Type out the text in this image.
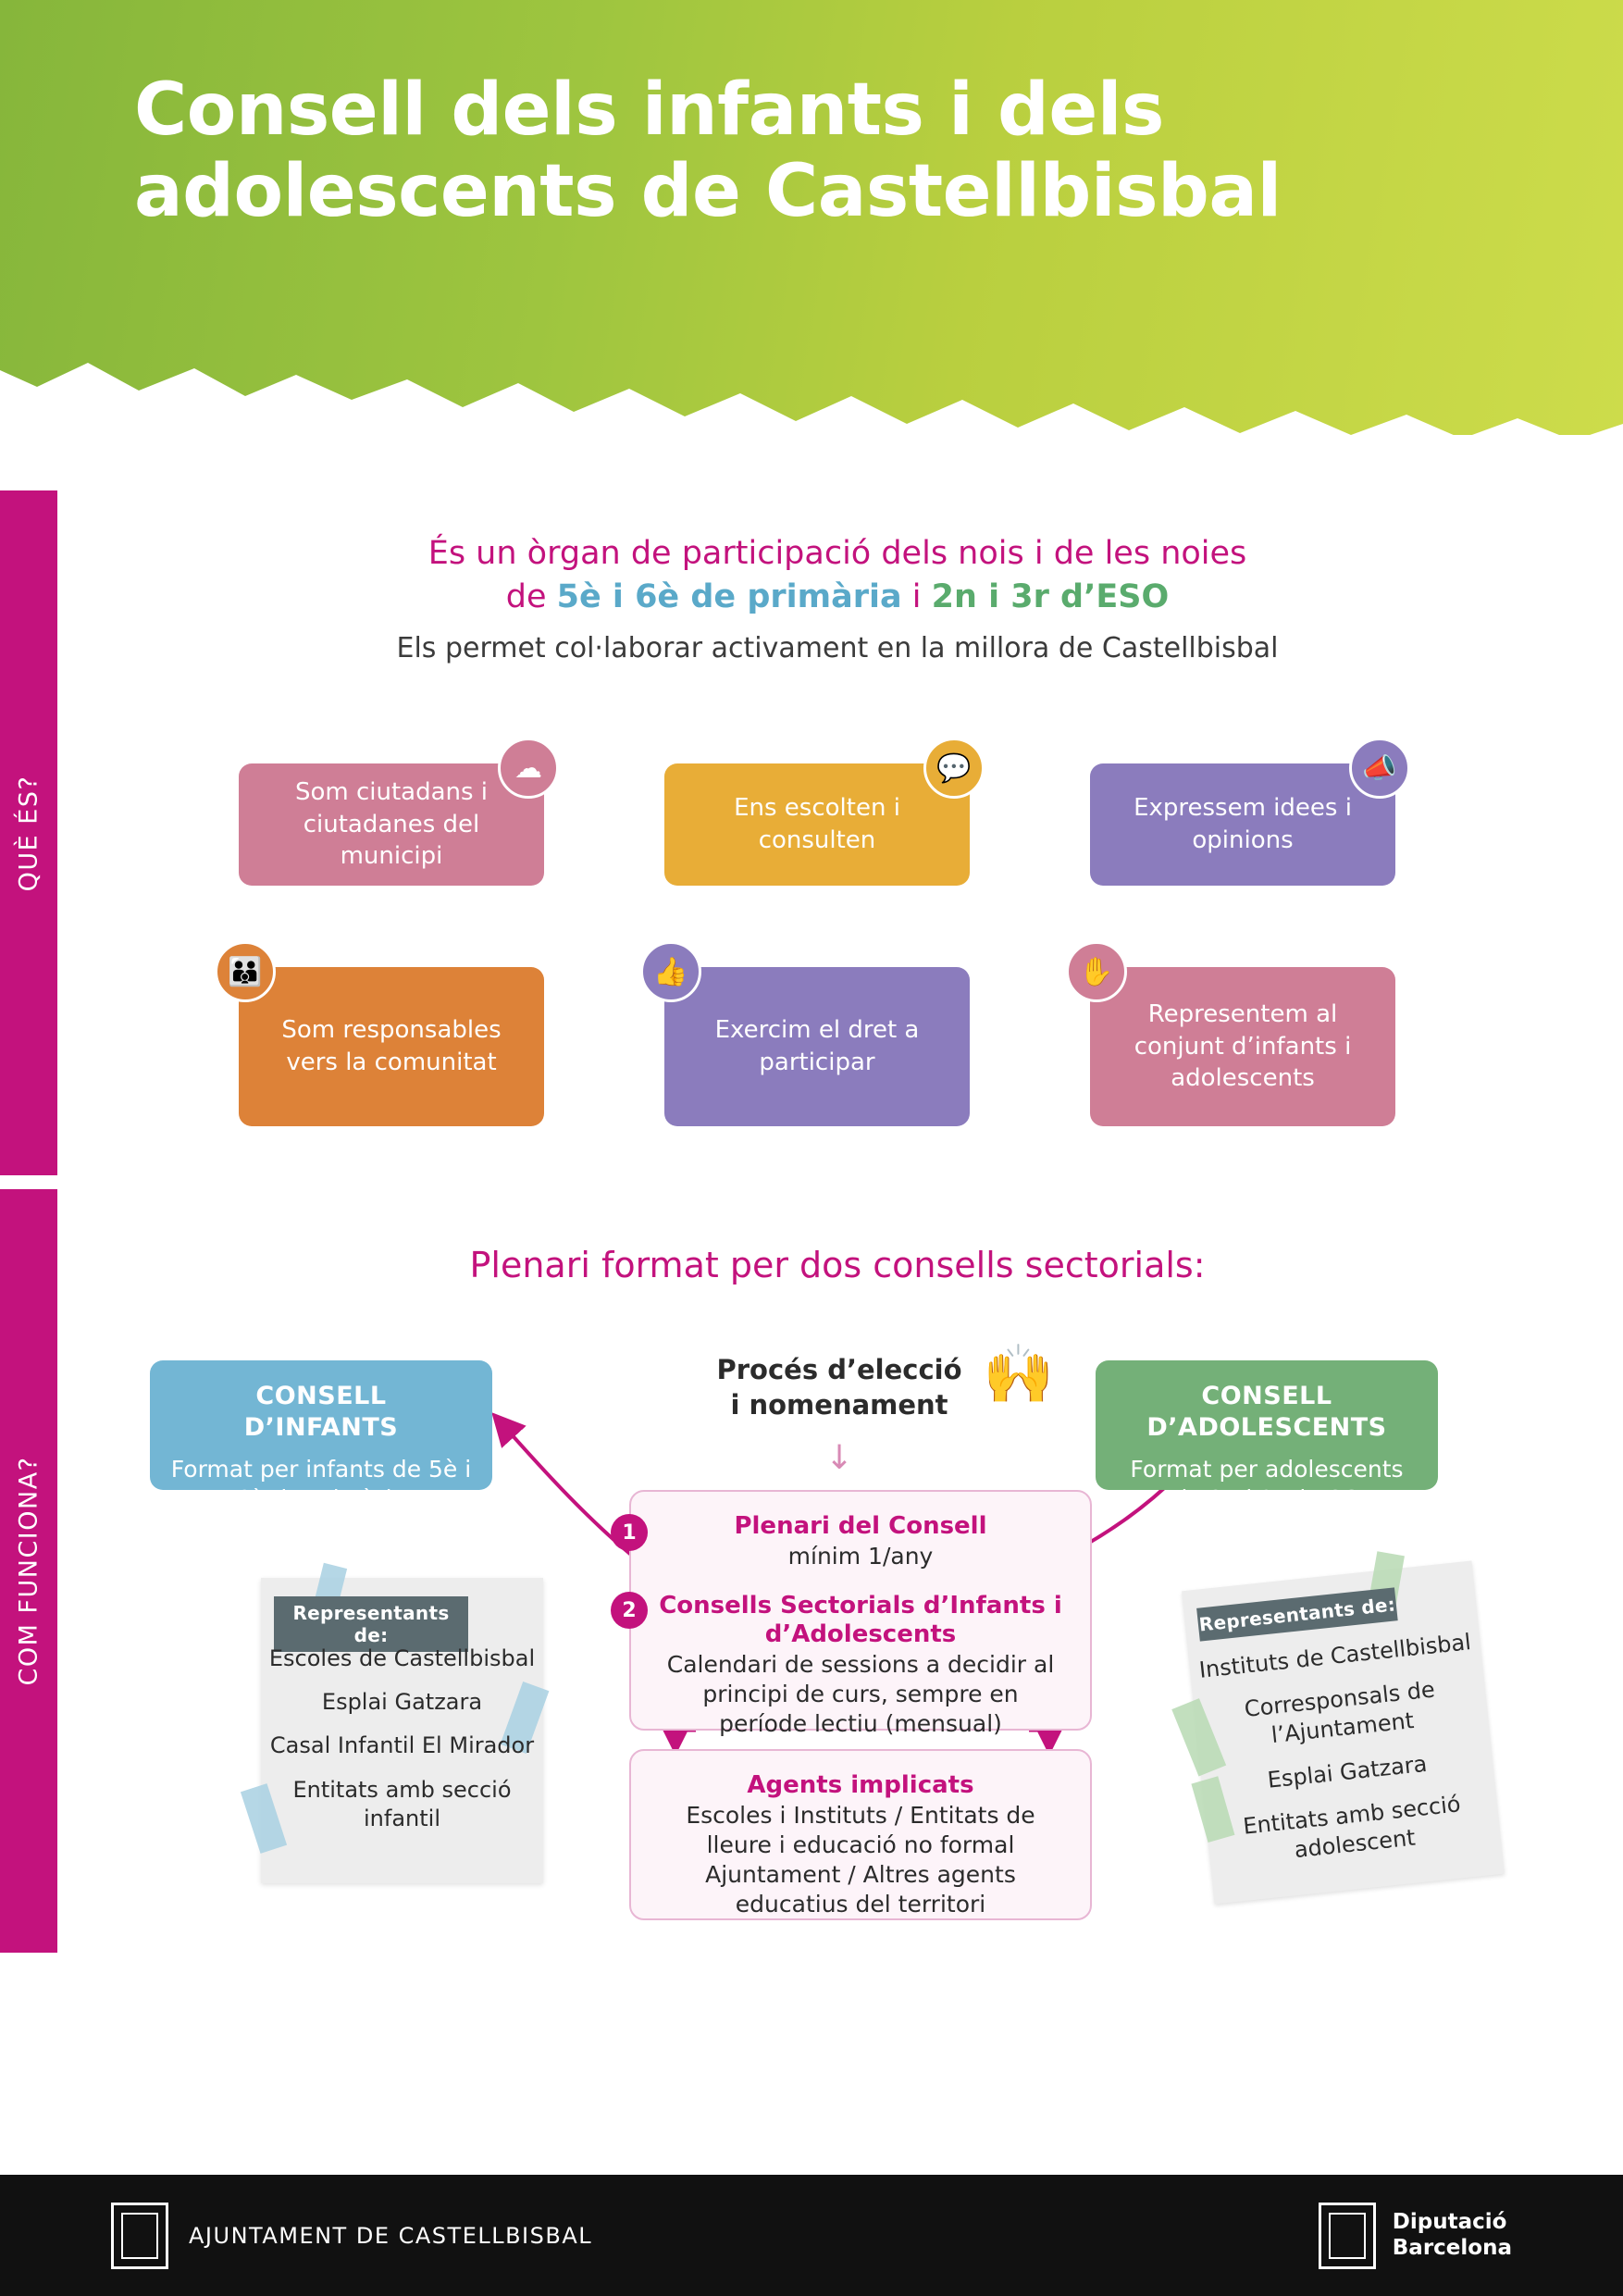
Consell dels infants i dels adolescents de Castellbisbal
QUÈ ÉS?
COM FUNCIONA?
És un òrgan de participació dels nois i de les noies
de 5è i 6è de primària i 2n i 3r d’ESO
Els permet col·laborar activament en la millora de Castellbisbal
Som ciutadans i ciutadanes del municipi
☁
Ens escolten i consulten
💬
Expressem idees i opinions
📣
Som responsables vers la comunitat
👪
Exercim el dret a participar
👍
Representem al conjunt d’infants i adolescents
✋
Plenari format per dos consells sectorials:
CONSELL
D’INFANTS
Format per infants de 5è i 6è de primària
CONSELL
D’ADOLESCENTS
Format per adolescents de 2n i 3r d’ESO
Procés d’elecció
i nomenament 🙌
↓
Plenari del Consell
mínim 1/any
Consells Sectorials d’Infants i d’Adolescents
Calendari de sessions a decidir al principi de curs, sempre en període lectiu (mensual)
1
2
Agents implicats
Escoles i Instituts / Entitats de lleure i educació no formal Ajuntament / Altres agents educatius del territori
Representants de:
Escoles de Castellbisbal
Esplai Gatzara
Casal Infantil El Mirador
Entitats amb secció infantil
Representants de:
Instituts de Castellbisbal
Corresponsals de l’Ajuntament
Esplai Gatzara
Entitats amb secció adolescent
AJUNTAMENT DE CASTELLBISBAL
Diputació
Barcelona
